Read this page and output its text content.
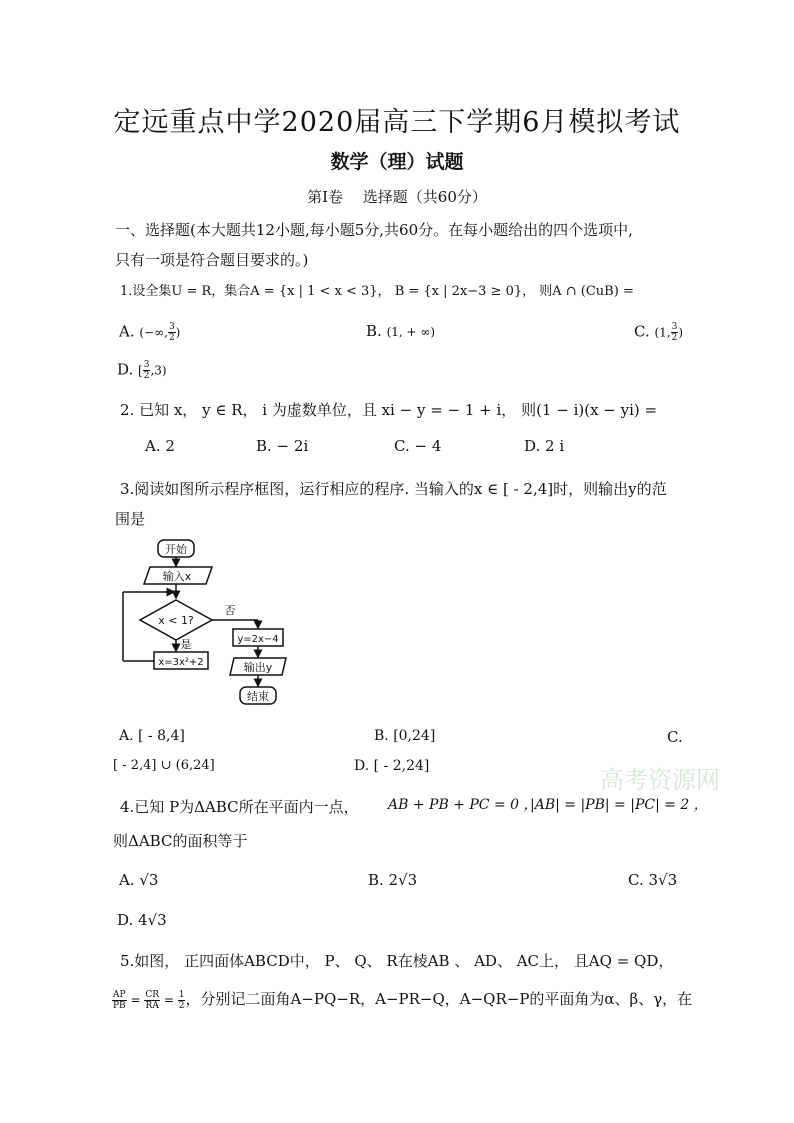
定远重点中学2020届高三下学期6月模拟考试
数学（理）试题
第I卷　 选择题（共60分）
一、选择题(本大题共12小题,每小题5分,共60分。在每小题给出的四个选项中,
只有一项是符合题目要求的。)
1.设全集U = R，集合A = {x | 1 < x < 3}， B = {x | 2x−3 ≥ 0}， 则A ∩ (CuB) =
A. (−∞, $\frac{3}{2}$ )	B. (1, + ∞)	C. (1, $\frac{3}{2}$ )
D. [ $\frac{3}{2} ,3$)
2. 已知 x， y ∈ R， i 为虚数单位，且 xi − y = − 1 + i， 则(1 − i)(x − yi) =
A. 2	B. − 2i	C. − 4	D. 2 i
3.阅读如图所示程序框图，运行相应的程序. 当输入的x ∈ [ - 2,4]时，则输出y的范
围是
开始
输入x
x < 1?
否
是
x=3x²+2
y=2x−4
输出y
结束
A. [ - 8,4]	B. [0,24]	C.
[ - 2,4] ∪ (6,24]	D. [ - 2,24]	高考资源网
4.已知 P为ΔABC所在平面内一点， AB + PB + PC = 0 ，
|AB| = |PB| = |PC| = 2 ，
则ΔABC的面积等于
A. √3	B. 2√3	C. 3√3
D. 4√3
5.如图， 正四面体ABCD中， P、 Q、 R在棱AB 、 AD、 AC上， 且AQ = QD，
$\frac{AP}{PB} = \frac{CR}{RA} = \frac{1}{2}$ ，分别记二面角A−PQ−R，A−PR−Q，A−QR−P的平面角为α、β、γ，在
